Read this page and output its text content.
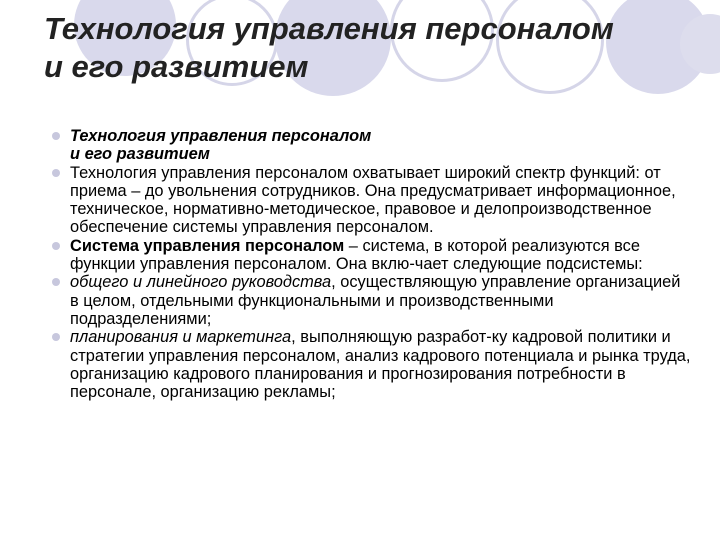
Технология управления персоналом
и его развитием

Технология управления персоналом
и его развитием

Технология управления персоналом охватывает широкий спектр функций: от приема – до увольнения сотрудников. Она предусматривает информационное, техническое, нормативно-методическое, правовое и делопроизводственное обеспечение системы управления персоналом.

Система управления персоналом – система, в которой реализуются все функции управления персоналом. Она вклю-чает следующие подсистемы:

общего и линейного руководства, осуществляющую управление организацией в целом, отдельными функциональными и производственными подразделениями;

планирования и маркетинга, выполняющую разработ-ку кадровой политики и стратегии управления персоналом, анализ кадрового потенциала и рынка труда, организацию кадрового планирования и прогнозирования потребности в персонале, организацию рекламы;
